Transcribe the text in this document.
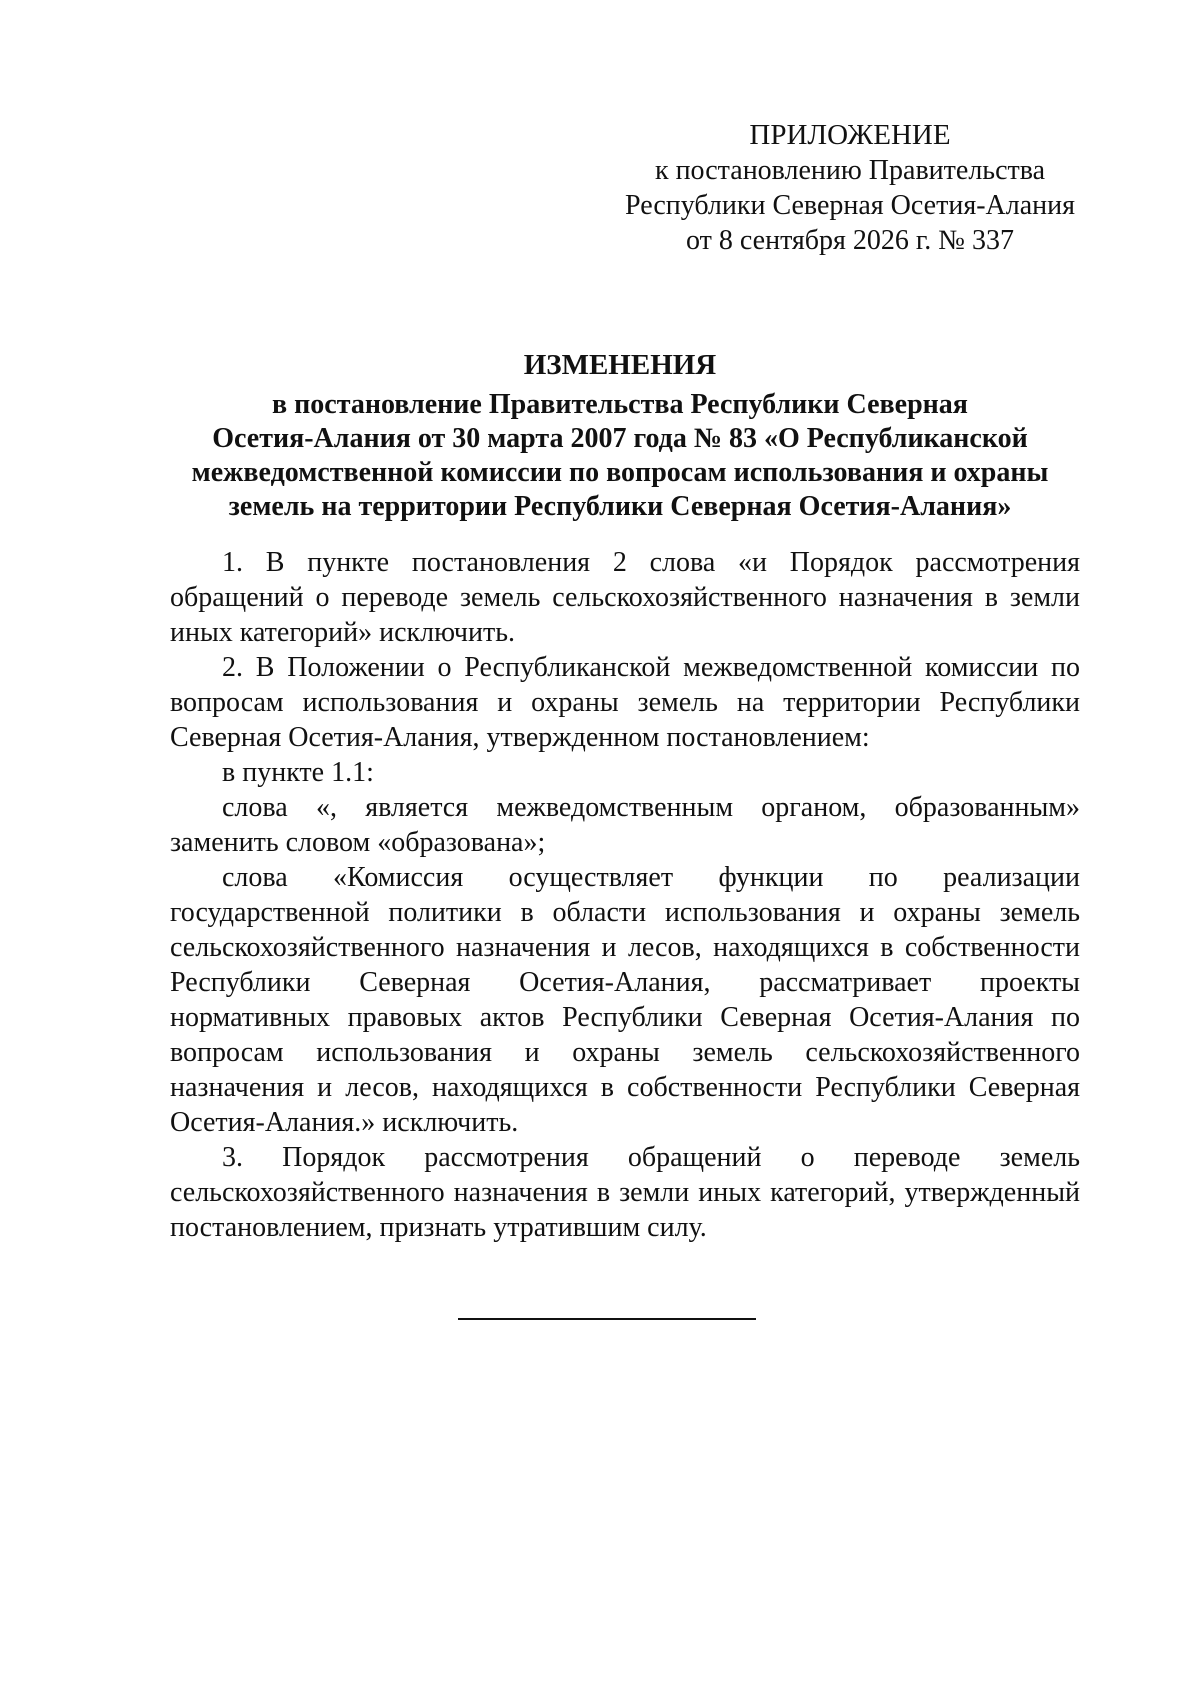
ПРИЛОЖЕНИЕ
к постановлению Правительства
Республики Северная Осетия-Алания
от 8 сентября 2026 г. № 337
ИЗМЕНЕНИЯ
в постановление Правительства Республики Северная
Осетия-Алания от 30 марта 2007 года № 83 «О Республиканской
межведомственной комиссии по вопросам использования и охраны
земель на территории Республики Северная Осетия-Алания»

1. В пункте постановления 2 слова «и Порядок рассмотрения обращений о переводе земель сельскохозяйственного назначения в земли иных категорий» исключить.

2. В Положении о Республиканской межведомственной комиссии по вопросам использования и охраны земель на территории Республики Северная Осетия-Алания, утвержденном постановлением:

в пункте 1.1:

слова «, является межведомственным органом, образованным» заменить словом «образована»;

слова «Комиссия осуществляет функции по реализации государственной политики в области использования и охраны земель сельскохозяйственного назначения и лесов, находящихся в собственности Республики Северная Осетия-Алания, рассматривает проекты нормативных правовых актов Республики Северная Осетия-Алания по вопросам использования и охраны земель сельскохозяйственного назначения и лесов, находящихся в собственности Республики Северная Осетия-Алания.» исключить.

3. Порядок рассмотрения обращений о переводе земель сельскохозяйственного назначения в земли иных категорий, утвержденный постановлением, признать утратившим силу.
